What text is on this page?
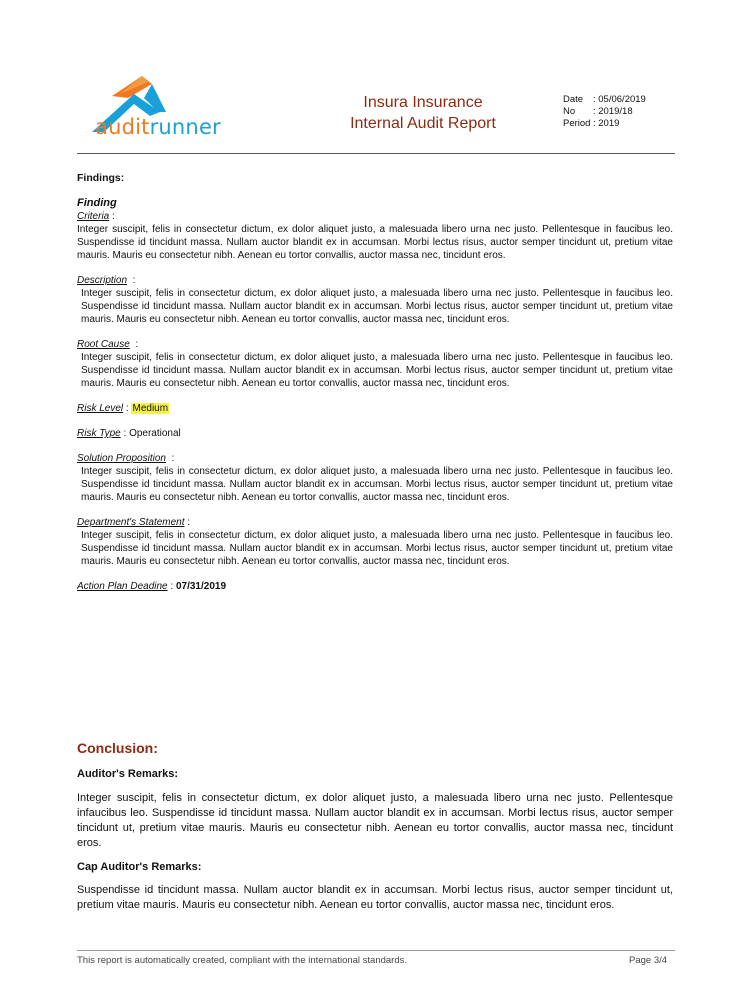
auditrunner
Insura Insurance
Internal Audit Report
Date	: 05/06/2019
No	: 2019/18
Period : 2019

Findings:

Finding

Criteria :

Integer suscipit, felis in consectetur dictum, ex dolor aliquet justo, a malesuada libero urna nec justo. Pellentesque in faucibus leo. Suspendisse id tincidunt massa. Nullam auctor blandit ex in accumsan. Morbi lectus risus, auctor semper tincidunt ut, pretium vitae mauris. Mauris eu consectetur nibh. Aenean eu tortor convallis, auctor massa nec, tincidunt eros.

Description  :

Integer suscipit, felis in consectetur dictum, ex dolor aliquet justo, a malesuada libero urna nec justo. Pellentesque in faucibus leo. Suspendisse id tincidunt massa. Nullam auctor blandit ex in accumsan. Morbi lectus risus, auctor semper tincidunt ut, pretium vitae mauris. Mauris eu consectetur nibh. Aenean eu tortor convallis, auctor massa nec, tincidunt eros.

Root Cause  :

Integer suscipit, felis in consectetur dictum, ex dolor aliquet justo, a malesuada libero urna nec justo. Pellentesque in faucibus leo. Suspendisse id tincidunt massa. Nullam auctor blandit ex in accumsan. Morbi lectus risus, auctor semper tincidunt ut, pretium vitae mauris. Mauris eu consectetur nibh. Aenean eu tortor convallis, auctor massa nec, tincidunt eros.

Risk Level : Medium
Risk Type : Operational
Solution Proposition  :

Integer suscipit, felis in consectetur dictum, ex dolor aliquet justo, a malesuada libero urna nec justo. Pellentesque in faucibus leo. Suspendisse id tincidunt massa. Nullam auctor blandit ex in accumsan. Morbi lectus risus, auctor semper tincidunt ut, pretium vitae mauris. Mauris eu consectetur nibh. Aenean eu tortor convallis, auctor massa nec, tincidunt eros.

Department's Statement :

Integer suscipit, felis in consectetur dictum, ex dolor aliquet justo, a malesuada libero urna nec justo. Pellentesque in faucibus leo. Suspendisse id tincidunt massa. Nullam auctor blandit ex in accumsan. Morbi lectus risus, auctor semper tincidunt ut, pretium vitae mauris. Mauris eu consectetur nibh. Aenean eu tortor convallis, auctor massa nec, tincidunt eros.

Action Plan Deadine : 07/31/2019
Conclusion:
Auditor's Remarks:

Integer suscipit, felis in consectetur dictum, ex dolor aliquet justo, a malesuada libero urna nec justo. Pellentesque infaucibus leo. Suspendisse id tincidunt massa. Nullam auctor blandit ex in accumsan. Morbi lectus risus, auctor semper tincidunt ut, pretium vitae mauris. Mauris eu consectetur nibh. Aenean eu tortor convallis, auctor massa nec, tincidunt eros.

Cap Auditor's Remarks:

Suspendisse id tincidunt massa. Nullam auctor blandit ex in accumsan. Morbi lectus risus, auctor semper tincidunt ut, pretium vitae mauris. Mauris eu consectetur nibh. Aenean eu tortor convallis, auctor massa nec, tincidunt eros.

This report is automatically created, compliant with the international standards.	Page 3/4
